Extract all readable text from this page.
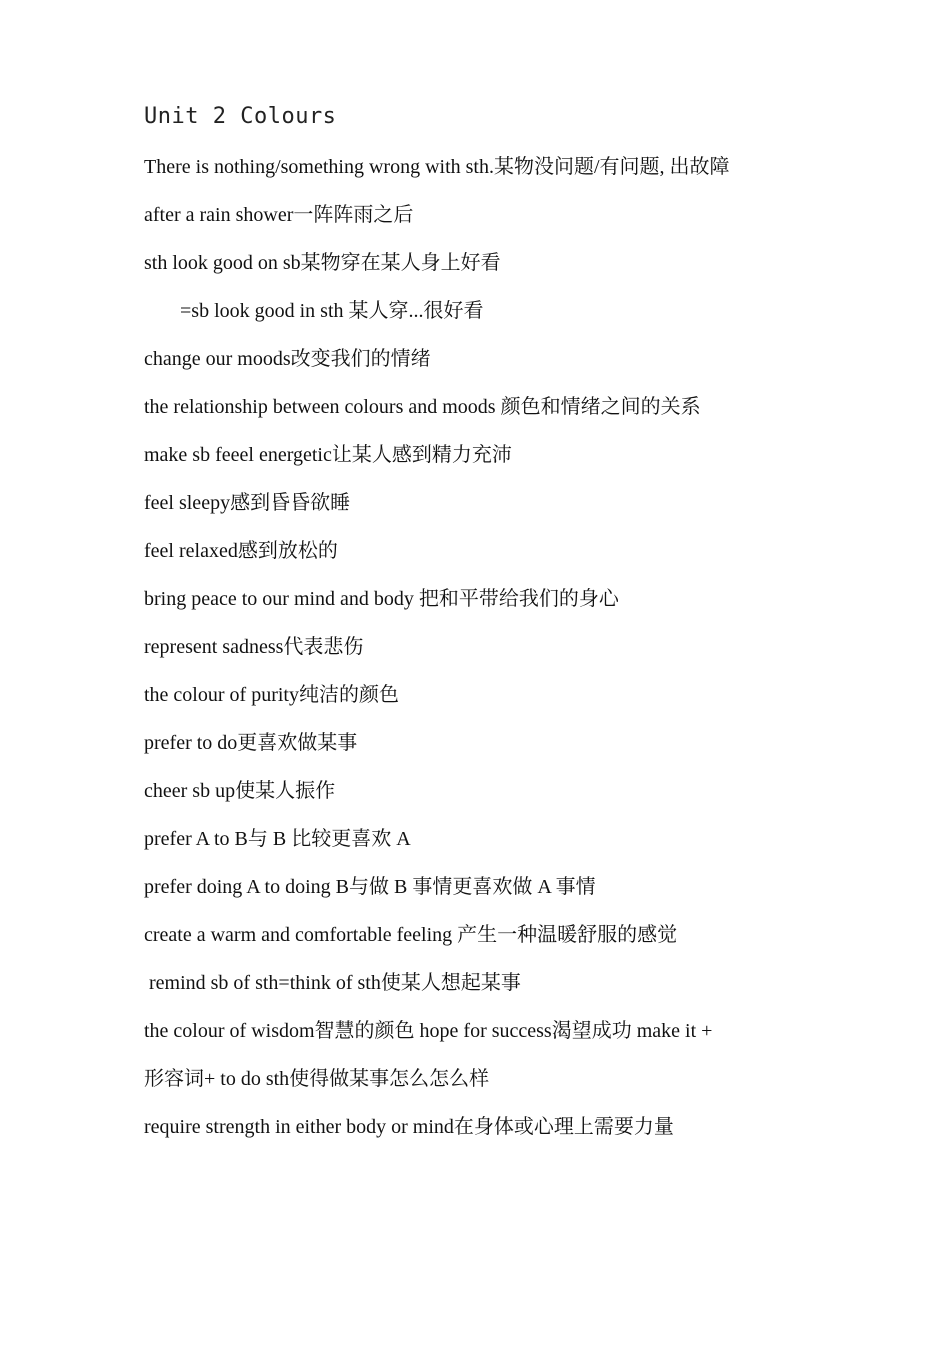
Unit 2 Colours
There is nothing/something wrong with sth.某物没问题/有问题, 出故障
after a rain shower一阵阵雨之后
sth look good on sb某物穿在某人身上好看
=sb look good in sth 某人穿...很好看
change our moods改变我们的情绪
the relationship between colours and moods 颜色和情绪之间的关系
make sb feeel energetic让某人感到精力充沛
feel sleepy感到昏昏欲睡
feel relaxed感到放松的
bring peace to our mind and body 把和平带给我们的身心
represent sadness代表悲伤
the colour of purity纯洁的颜色
prefer to do更喜欢做某事
cheer sb up使某人振作
prefer A to B与 B 比较更喜欢 A
prefer doing A to doing B与做 B 事情更喜欢做 A 事情
create a warm and comfortable feeling 产生一种温暖舒服的感觉
remind sb of sth=think of sth使某人想起某事
the colour of wisdom智慧的颜色 hope for success渴望成功 make it +
形容词+ to do sth使得做某事怎么怎么样
require strength in either body or mind在身体或心理上需要力量
